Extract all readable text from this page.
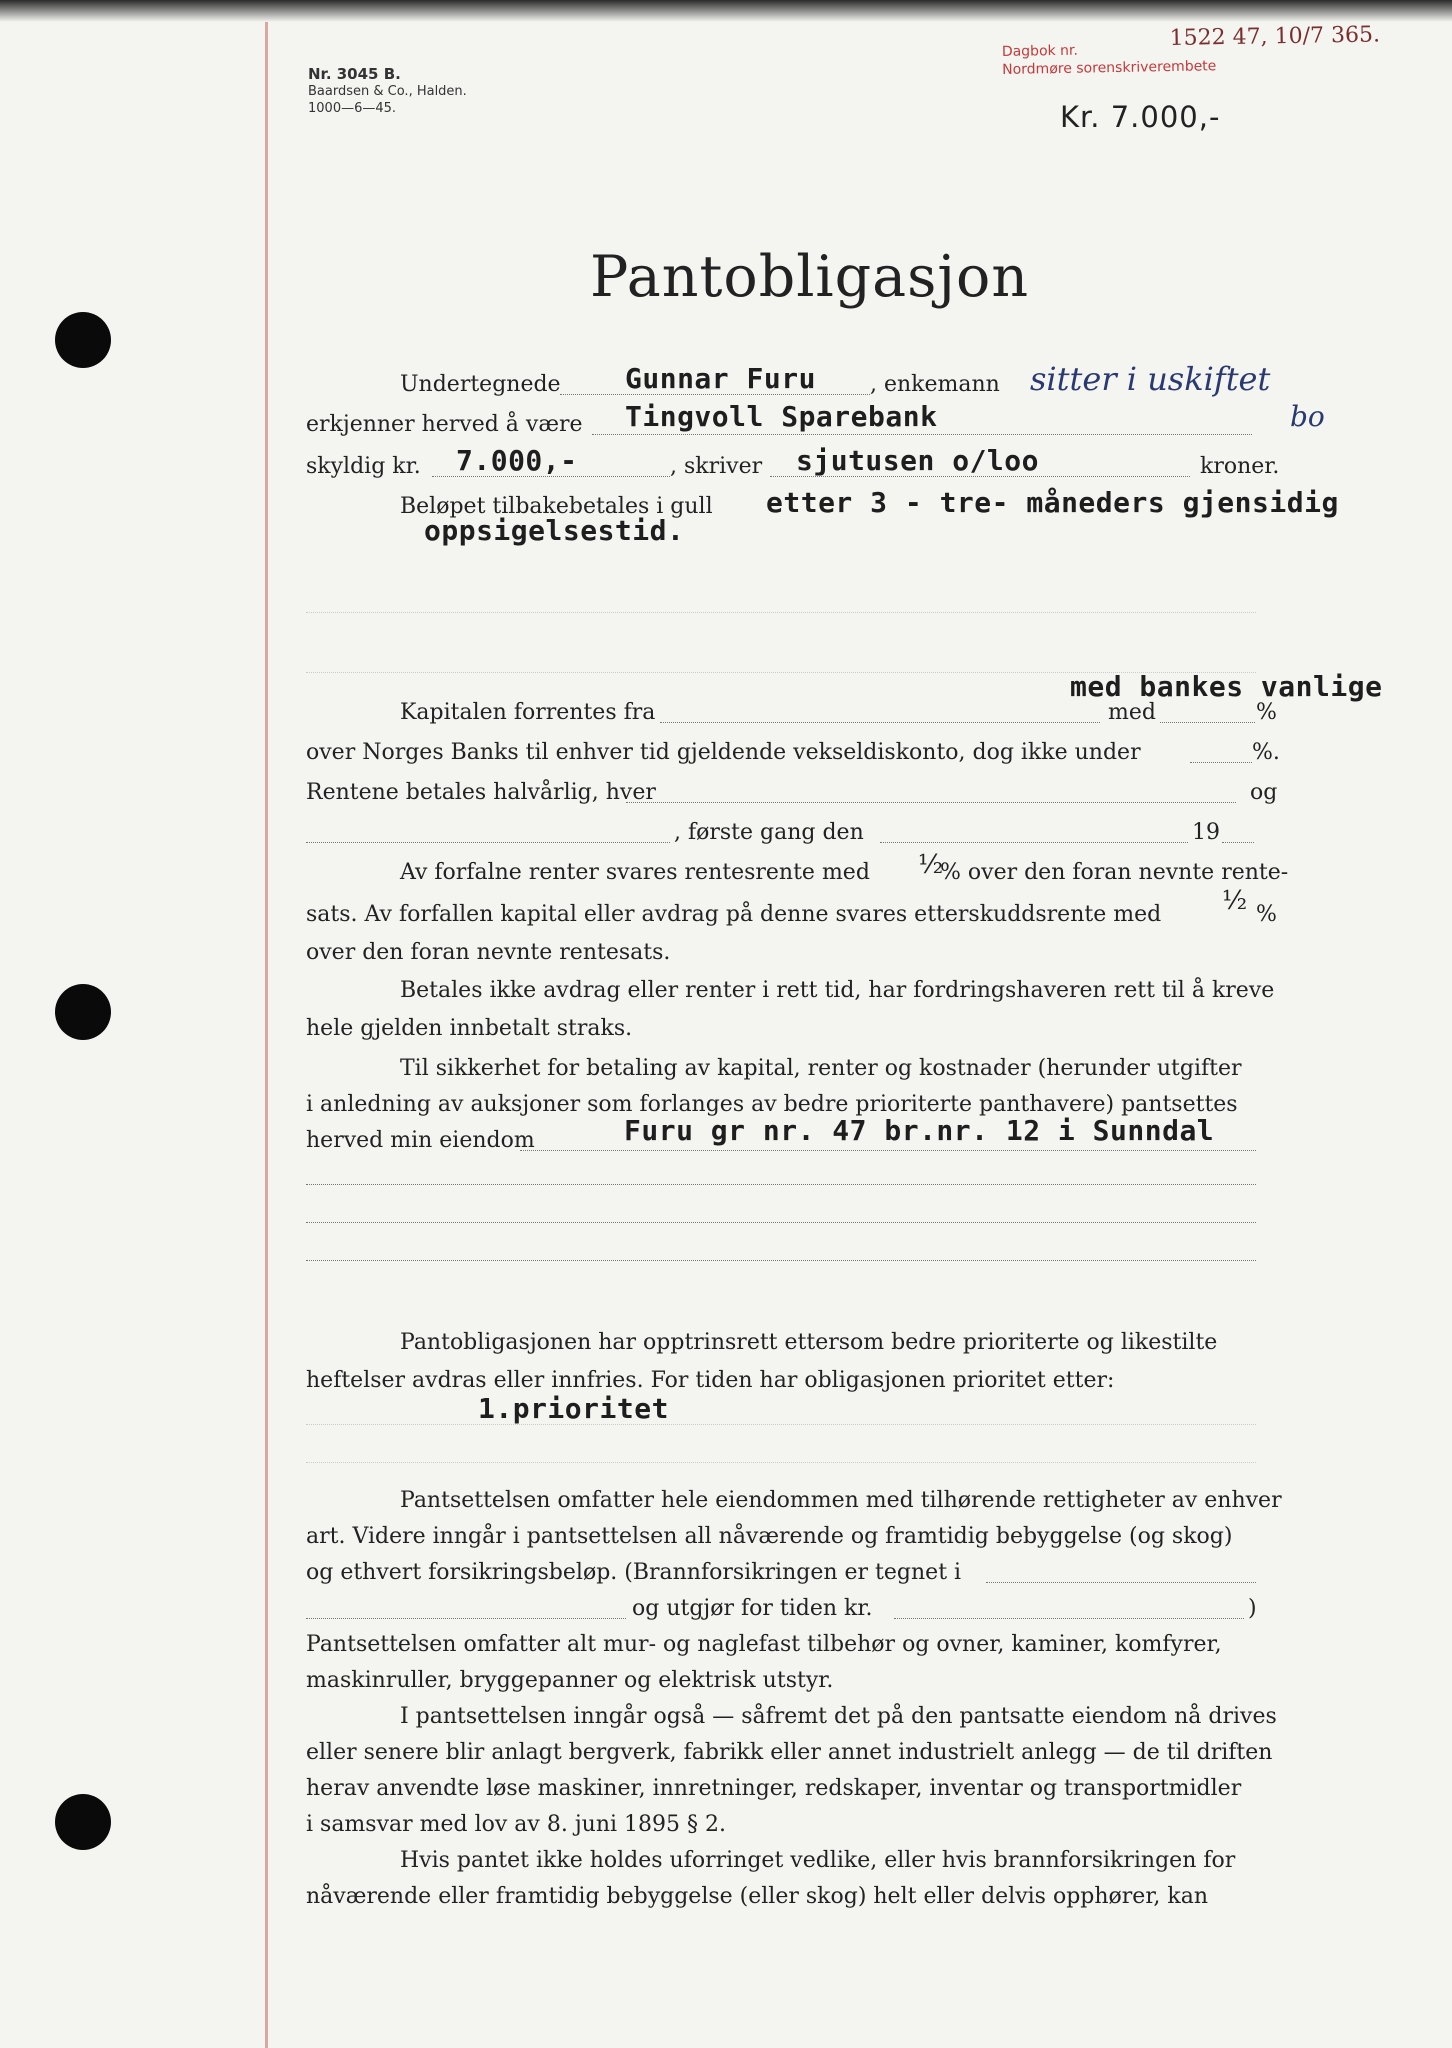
Nr. 3045 B.
Baardsen & Co., Halden.
1000—6—45.
Dagbok nr.
Nordmøre sorenskriverembete
1522 47, 10/7 365.
Kr. 7.000,-
Pantobligasjon
Undertegnede Gunnar Furu , enkemann sitter i uskiftet
bo
erkjenner herved å være Tingvoll Sparebank
skyldig kr. 7.000,-	, skriver sjutusen o/loo	kroner.
Beløpet tilbakebetales i gull etter 3 - tre- måneders gjensidig
oppsigelsestid.
med bankes vanlige
Kapitalen forrentes fra	med	%
over Norges Banks til enhver tid gjeldende vekseldiskonto, dog ikke under	%.
Rentene betales halvårlig, hver	og
, første gang den	19
Av forfalne renter svares rentesrente med ½
% over den foran nevnte rente-
sats. Av forfallen kapital eller avdrag på denne svares etterskuddsrente med ½ %
over den foran nevnte rentesats.
Betales ikke avdrag eller renter i rett tid, har fordringshaveren rett til å kreve
hele gjelden innbetalt straks.
Til sikkerhet for betaling av kapital, renter og kostnader (herunder utgifter
i anledning av auksjoner som forlanges av bedre prioriterte panthavere) pantsettes
herved min eiendom	Furu gr nr. 47 br.nr. 12 i Sunndal
Pantobligasjonen har opptrinsrett ettersom bedre prioriterte og likestilte
heftelser avdras eller innfries. For tiden har obligasjonen prioritet etter:
1.prioritet
Pantsettelsen omfatter hele eiendommen med tilhørende rettigheter av enhver
art. Videre inngår i pantsettelsen all nåværende og framtidig bebyggelse (og skog)
og ethvert forsikringsbeløp. (Brannforsikringen er tegnet i
og utgjør for tiden kr.	)
Pantsettelsen omfatter alt mur- og naglefast tilbehør og ovner, kaminer, komfyrer,
maskinruller, bryggepanner og elektrisk utstyr.
I pantsettelsen inngår også — såfremt det på den pantsatte eiendom nå drives
eller senere blir anlagt bergverk, fabrikk eller annet industrielt anlegg — de til driften
herav anvendte løse maskiner, innretninger, redskaper, inventar og transportmidler
i samsvar med lov av 8. juni 1895 § 2.
Hvis pantet ikke holdes uforringet vedlike, eller hvis brannforsikringen for
nåværende eller framtidig bebyggelse (eller skog) helt eller delvis opphører, kan
